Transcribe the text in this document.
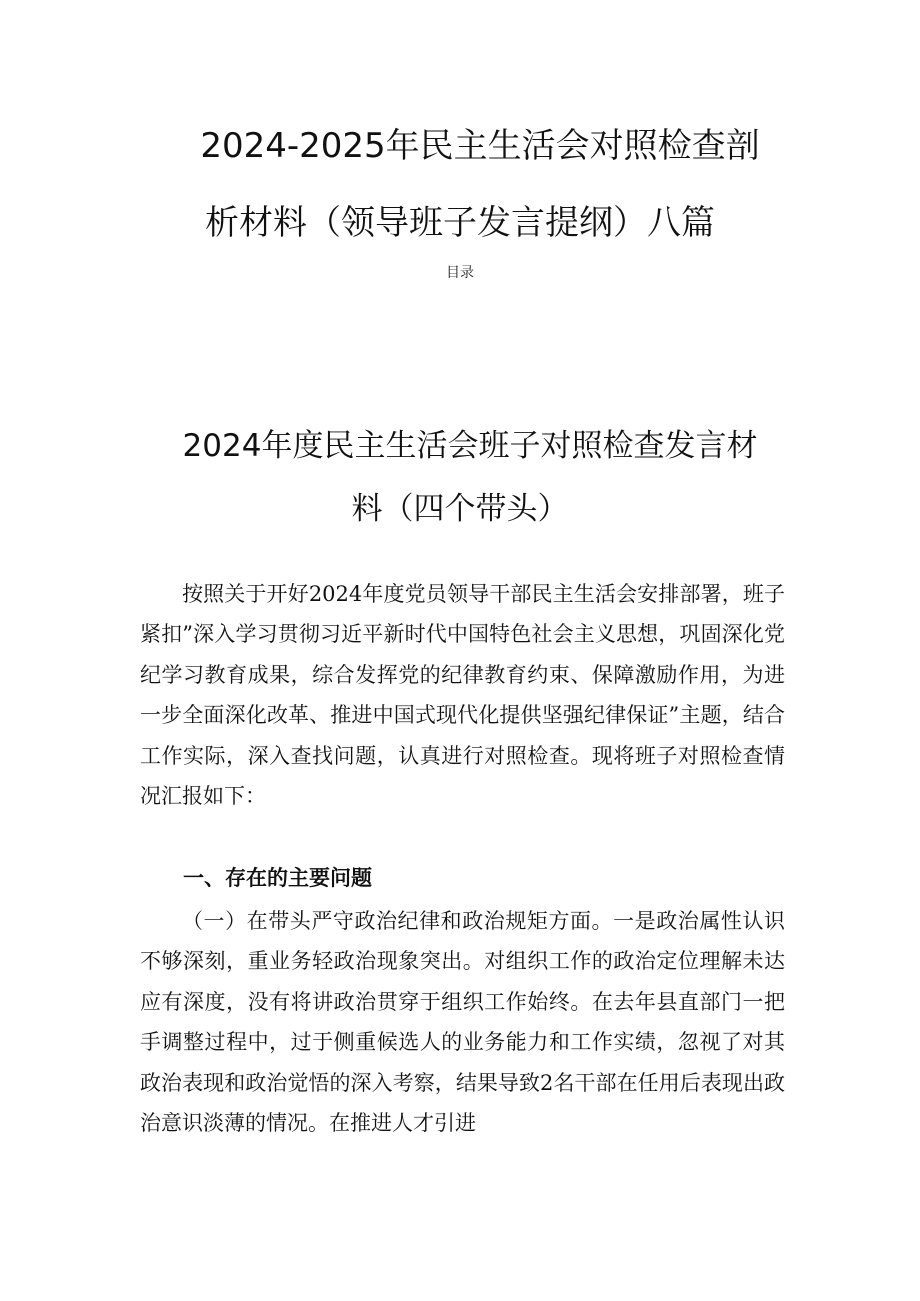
2024-2025年民主生活会对照检查剖
析材料（领导班子发言提纲）八篇
目录
2024年度民主生活会班子对照检查发言材
料（四个带头）
按照关于开好2024年度党员领导干部民主生活会安排部署，班子紧扣”深入学习贯彻习近平新时代中国特色社会主义思想，巩固深化党纪学习教育成果，综合发挥党的纪律教育约束、保障激励作用，为进一步全面深化改革、推进中国式现代化提供坚强纪律保证”主题，结合工作实际，深入查找问题，认真进行对照检查。现将班子对照检查情况汇报如下：
一、存在的主要问题
（一）在带头严守政治纪律和政治规矩方面。一是政治属性认识不够深刻，重业务轻政治现象突出。对组织工作的政治定位理解未达应有深度，没有将讲政治贯穿于组织工作始终。在去年县直部门一把手调整过程中，过于侧重候选人的业务能力和工作实绩，忽视了对其政治表现和政治觉悟的深入考察，结果导致2名干部在任用后表现出政治意识淡薄的情况。在推进人才引进
